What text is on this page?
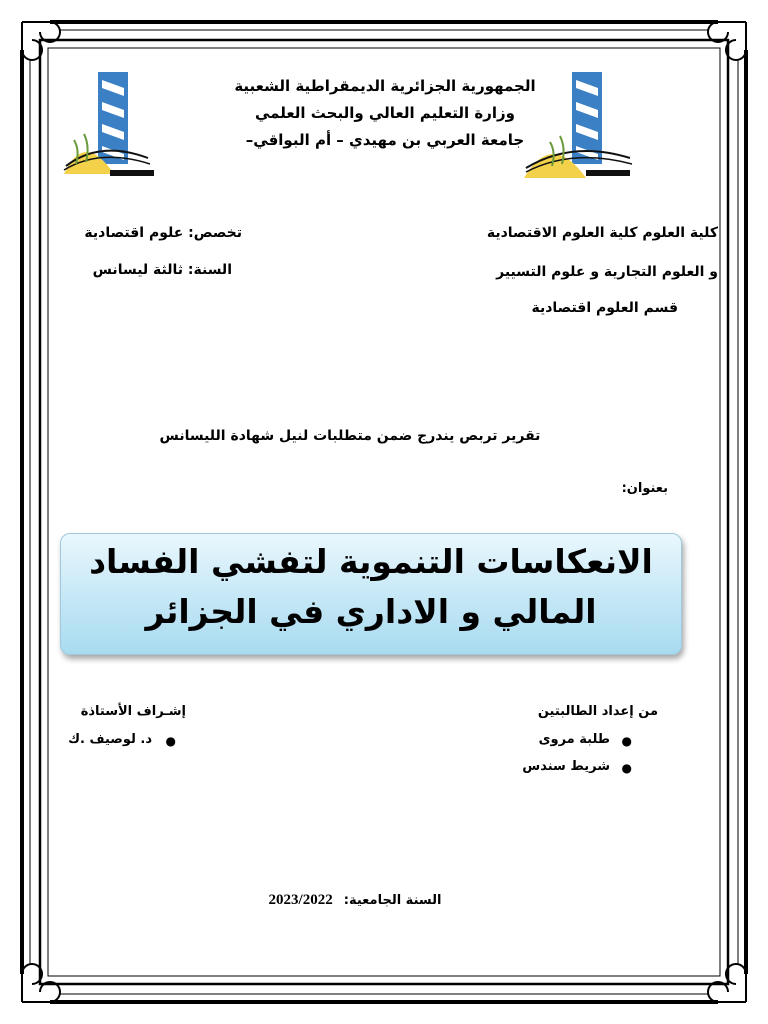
الجمهورية الجزائرية الديمقراطية الشعبية
وزارة التعليم العالي والبحث العلمي
جامعة العربي بن مهيدي – أم البواقي–
كلية العلوم كلية العلوم الاقتصادية
و العلوم التجارية و علوم التسيير
قسم العلوم اقتصادية
تخصص: علوم اقتصادية
السنة: ثالثة ليسانس
تقرير تربص يندرج ضمن متطلبات لنيل شهادة الليسانس
بعنوان:
الانعكاسات التنموية لتفشي الفساد
المالي و الاداري في الجزائر
من إعداد الطالبتين
●
طلبة مروى
●
شريط سندس
إشـراف الأستاذة
د. لوصيف .ك ●
2023/2022 السنة الجامعية:
